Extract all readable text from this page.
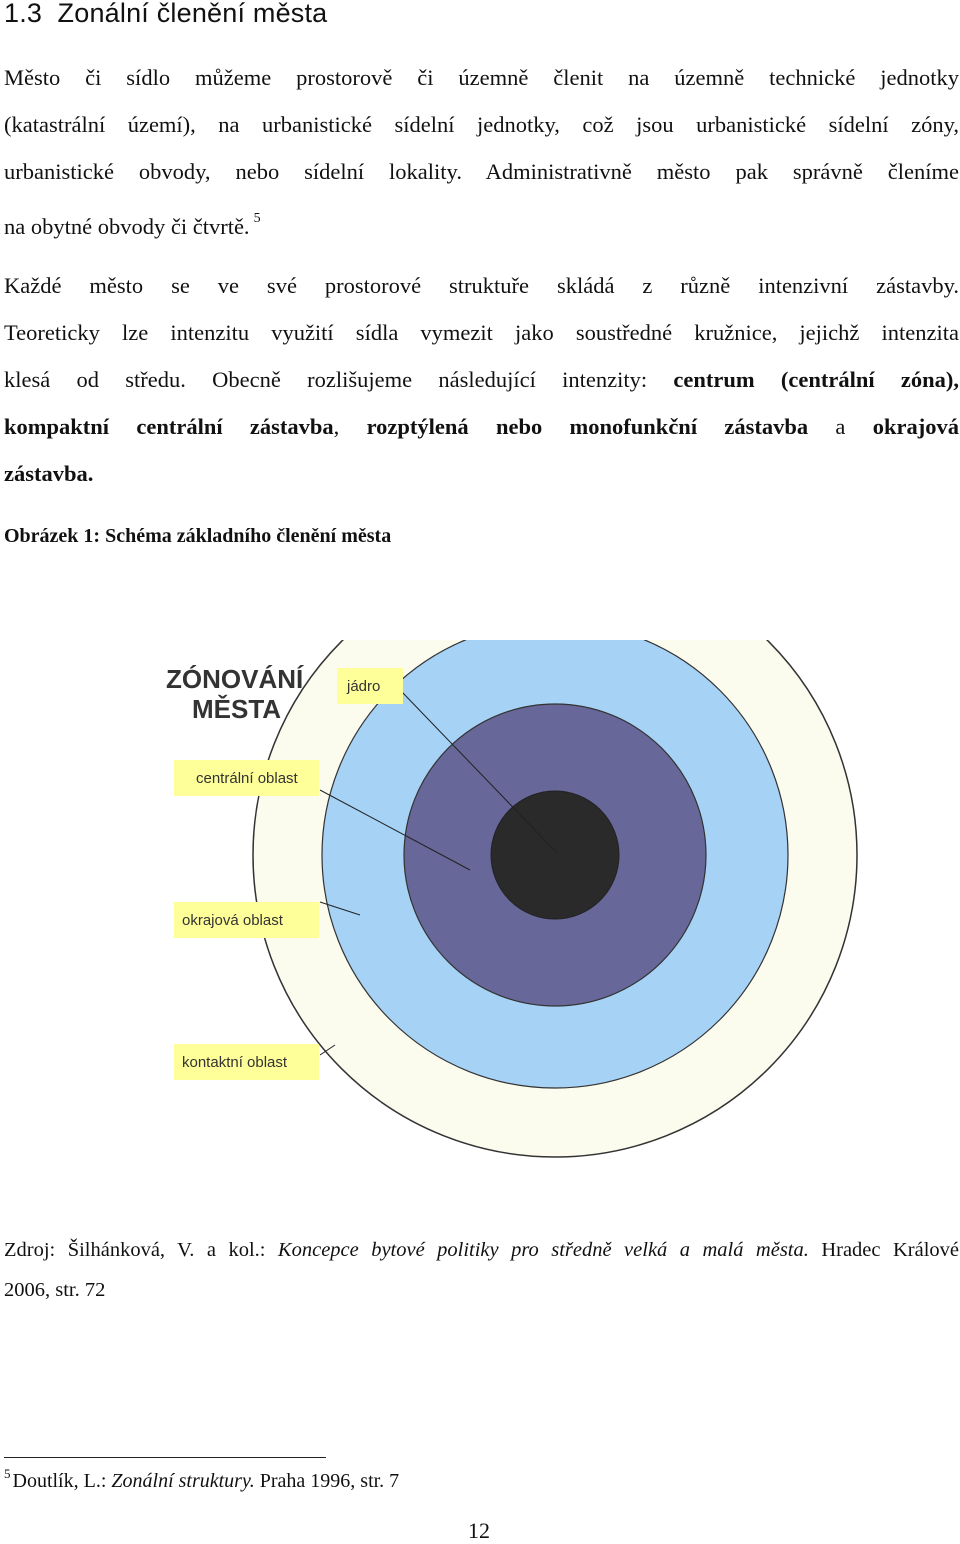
1.3 Zonální členění města
Město či sídlo můžeme prostorově či územně členit na územně technické jednotky
(katastrální území), na urbanistické sídelní jednotky, což jsou urbanistické sídelní zóny,
urbanistické obvody, nebo sídelní lokality. Administrativně město pak správně členíme
na obytné obvody či čtvrtě. $^5$
Každé město se ve své prostorové struktuře skládá z různě intenzivní zástavby.
Teoreticky lze intenzitu využití sídla vymezit jako soustředné kružnice, jejichž intenzita
klesá od středu. Obecně rozlišujeme následující intenzity: centrum (centrální zóna),
kompaktní centrální zástavba, rozptýlená nebo monofunkční zástavba a okrajová
zástavba.

Obrázek 1: Schéma základního členění města

ZÓNOVÁNÍ
MĚSTA
jádro
centrální oblast
okrajová oblast
kontaktní oblast
Zdroj: Šilhánková, V. a kol.: Koncepce bytové politiky pro středně velká a malá města. Hradec Králové
2006, str. 72
$^5$ Doutlík, L.: Zonální struktury. Praha 1996, str. 7
12
